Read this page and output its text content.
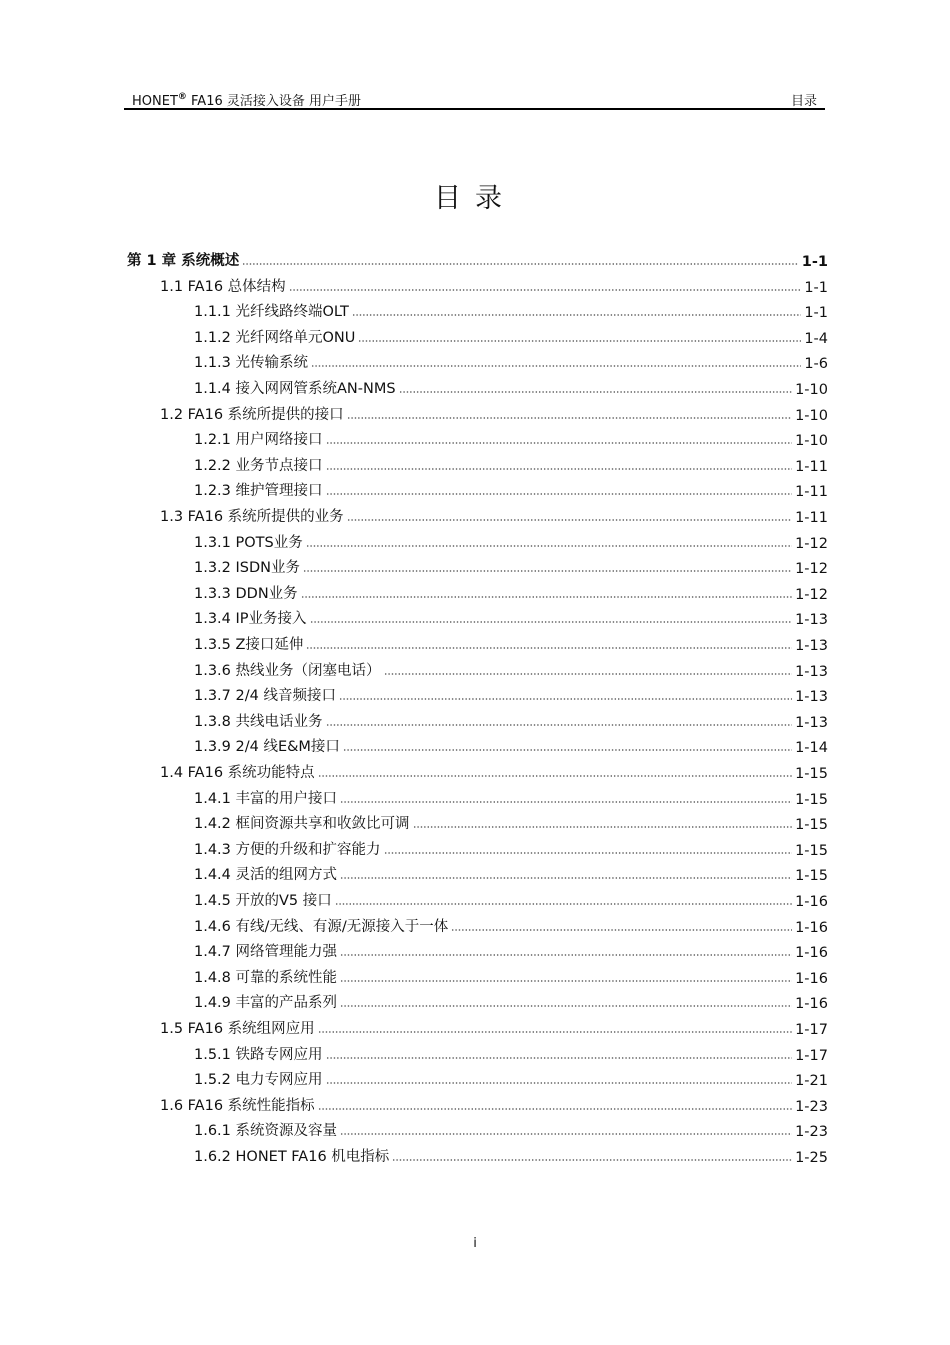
HONET® FA16 灵活接入设备 用户手册	目录
目录
第 1 章 系统概述	1-1
1.1 FA16 总体结构	1-1
1.1.1 光纤线路终端OLT	1-1
1.1.2 光纤网络单元ONU	1-4
1.1.3 光传输系统	1-6
1.1.4 接入网网管系统AN-NMS	1-10
1.2 FA16 系统所提供的接口	1-10
1.2.1 用户网络接口	1-10
1.2.2 业务节点接口	1-11
1.2.3 维护管理接口	1-11
1.3 FA16 系统所提供的业务	1-11
1.3.1 POTS业务	1-12
1.3.2 ISDN业务	1-12
1.3.3 DDN业务	1-12
1.3.4 IP业务接入	1-13
1.3.5 Z接口延伸	1-13
1.3.6 热线业务（闭塞电话）	1-13
1.3.7 2/4 线音频接口	1-13
1.3.8 共线电话业务	1-13
1.3.9 2/4 线E&M接口	1-14
1.4 FA16 系统功能特点	1-15
1.4.1 丰富的用户接口	1-15
1.4.2 框间资源共享和收敛比可调	1-15
1.4.3 方便的升级和扩容能力	1-15
1.4.4 灵活的组网方式	1-15
1.4.5 开放的V5 接口	1-16
1.4.6 有线/无线、有源/无源接入于一体	1-16
1.4.7 网络管理能力强	1-16
1.4.8 可靠的系统性能	1-16
1.4.9 丰富的产品系列	1-16
1.5 FA16 系统组网应用	1-17
1.5.1 铁路专网应用	1-17
1.5.2 电力专网应用	1-21
1.6 FA16 系统性能指标	1-23
1.6.1 系统资源及容量	1-23
1.6.2 HONET FA16 机电指标	1-25
i
